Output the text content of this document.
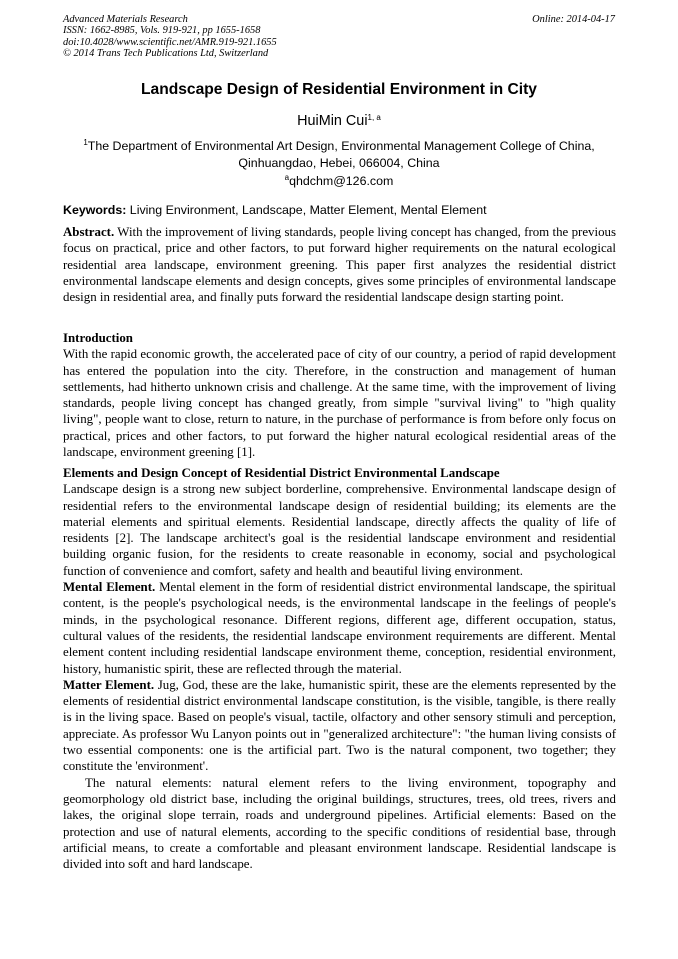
Advanced Materials Research
ISSN: 1662-8985, Vols. 919-921, pp 1655-1658
doi:10.4028/www.scientific.net/AMR.919-921.1655
© 2014 Trans Tech Publications Ltd, Switzerland
Online: 2014-04-17
Landscape Design of Residential Environment in City
HuiMin Cui$^{1, a}$
$^1$The Department of Environmental Art Design, Environmental Management College of China,
Qinhuangdao, Hebei, 066004, China
$^a$qhdchm@126.com
Keywords: Living Environment, Landscape, Matter Element, Mental Element

Abstract. With the improvement of living standards, people living concept has changed, from the previous focus on practical, price and other factors, to put forward higher requirements on the natural ecological residential area landscape, environment greening. This paper first analyzes the residential district environmental landscape elements and design concepts, gives some principles of environmental landscape design in residential area, and finally puts forward the residential landscape design starting point.

Introduction

With the rapid economic growth, the accelerated pace of city of our country, a period of rapid development has entered the population into the city. Therefore, in the construction and management of human settlements, had hitherto unknown crisis and challenge. At the same time, with the improvement of living standards, people living concept has changed greatly, from simple "survival living" to "high quality living", people want to close, return to nature, in the purchase of performance is from before only focus on practical, prices and other factors, to put forward the higher natural ecological residential areas of the landscape, environment greening [1].

Elements and Design Concept of Residential District Environmental Landscape

Landscape design is a strong new subject borderline, comprehensive. Environmental landscape design of residential refers to the environmental landscape design of residential building; its elements are the material elements and spiritual elements. Residential landscape, directly affects the quality of life of residents [2]. The landscape architect's goal is the residential landscape environment and residential building organic fusion, for the residents to create reasonable in economy, social and psychological function of convenience and comfort, safety and health and beautiful living environment.

Mental Element. Mental element in the form of residential district environmental landscape, the spiritual content, is the people's psychological needs, is the environmental landscape in the feelings of people's minds, in the psychological resonance. Different regions, different age, different occupation, status, cultural values of the residents, the residential landscape environment requirements are different. Mental element content including residential landscape environment theme, conception, residential environment, history, humanistic spirit, these are reflected through the material.

Matter Element. Jug, God, these are the lake, humanistic spirit, these are the elements represented by the elements of residential district environmental landscape constitution, is the visible, tangible, is there really is in the living space. Based on people's visual, tactile, olfactory and other sensory stimuli and perception, appreciate. As professor Wu Lanyon points out in "generalized architecture": "the human living consists of two essential components: one is the artificial part. Two is the natural component, two together; they constitute the 'environment'.

The natural elements: natural element refers to the living environment, topography and geomorphology old district base, including the original buildings, structures, trees, old trees, rivers and lakes, the original slope terrain, roads and underground pipelines. Artificial elements: Based on the protection and use of natural elements, according to the specific conditions of residential base, through artificial means, to create a comfortable and pleasant environment landscape. Residential landscape is divided into soft and hard landscape.
